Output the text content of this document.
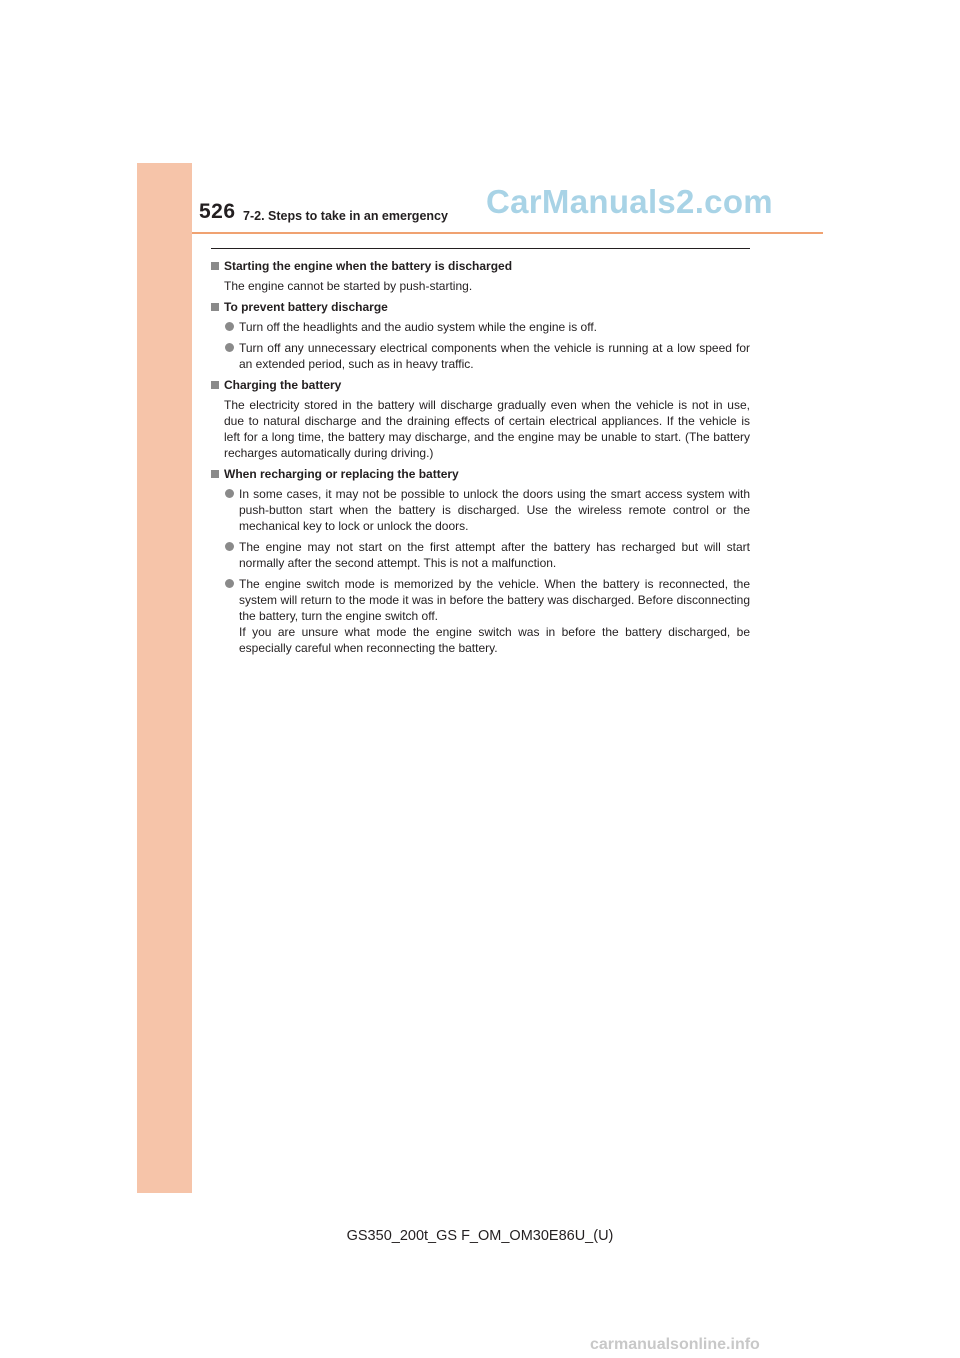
526 7-2. Steps to take in an emergency CarManuals2.com
Starting the engine when the battery is discharged

The engine cannot be started by push-starting.

To prevent battery discharge
Turn off the headlights and the audio system while the engine is off.
Turn off any unnecessary electrical components when the vehicle is running at a low speed for an extended period, such as in heavy traffic.
Charging the battery

The electricity stored in the battery will discharge gradually even when the vehicle is not in use, due to natural discharge and the draining effects of certain electrical appliances. If the vehicle is left for a long time, the battery may discharge, and the engine may be unable to start. (The battery recharges automatically during driving.)

When recharging or replacing the battery
In some cases, it may not be possible to unlock the doors using the smart access system with push-button start when the battery is discharged. Use the wireless remote control or the mechanical key to lock or unlock the doors.
The engine may not start on the first attempt after the battery has recharged but will start normally after the second attempt. This is not a malfunction.
The engine switch mode is memorized by the vehicle. When the battery is reconnected, the system will return to the mode it was in before the battery was discharged. Before disconnecting the battery, turn the engine switch off.
If you are unsure what mode the engine switch was in before the battery discharged, be especially careful when reconnecting the battery.
GS350_200t_GS F_OM_OM30E86U_(U)
carmanualsonline.info
